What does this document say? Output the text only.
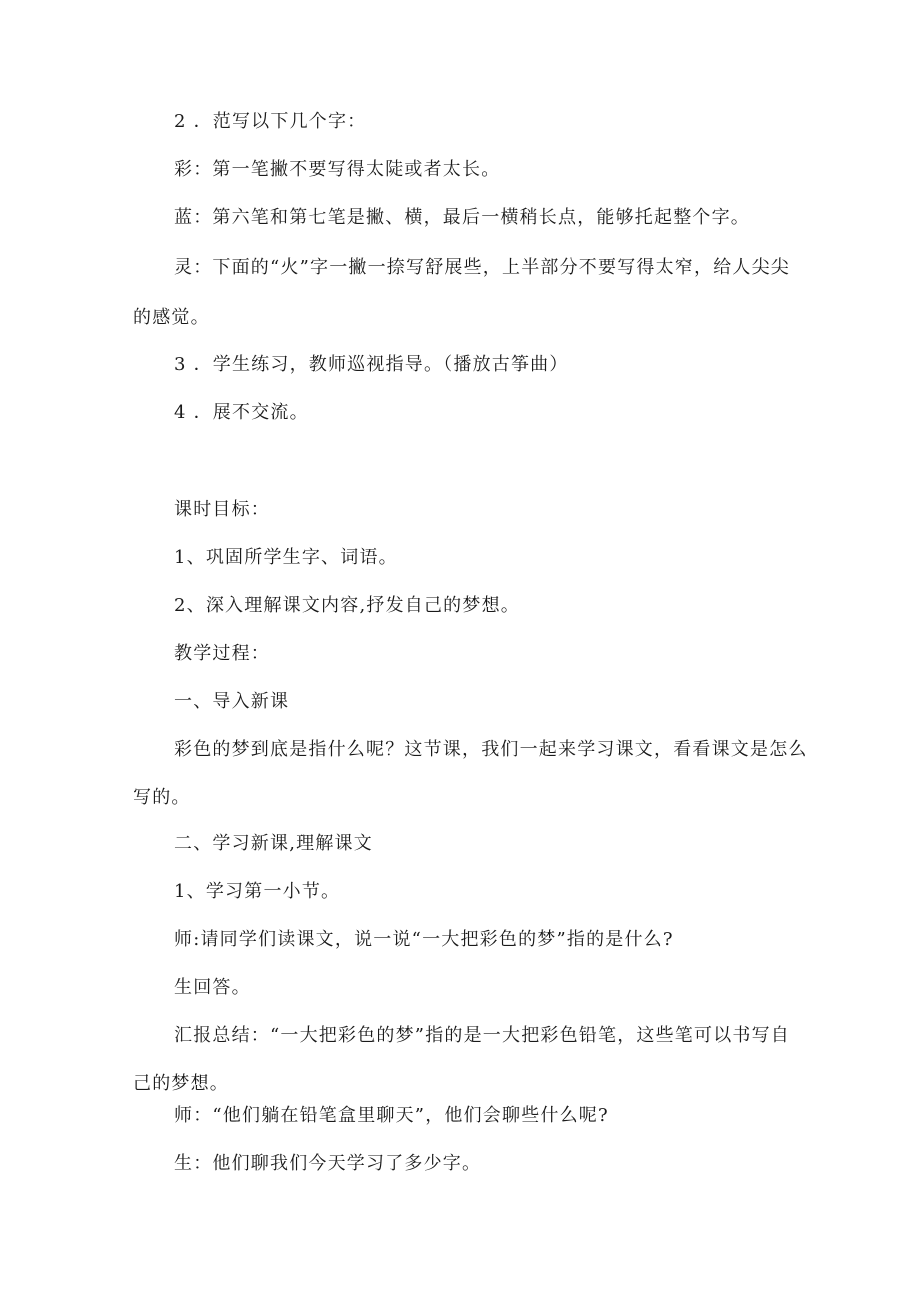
2 ．范写以下几个字：
彩：第一笔撇不要写得太陡或者太长。
蓝：第六笔和第七笔是撇、横，最后一横稍长点，能够托起整个字。
灵：下面的“火”字一撇一捺写舒展些，上半部分不要写得太窄，给人尖尖
的感觉。
3 ．学生练习，教师巡视指导。（播放古筝曲）
4 ．展不交流。
课时目标：
1、巩固所学生字、词语。
2、深入理解课文内容,抒发自己的梦想。
教学过程：
一、导入新课
彩色的梦到底是指什么呢？这节课，我们一起来学习课文，看看课文是怎么
写的。
二、学习新课,理解课文
1、学习第一小节。
师:请同学们读课文，说一说“一大把彩色的梦”指的是什么?
生回答。
汇报总结：“一大把彩色的梦”指的是一大把彩色铅笔，这些笔可以书写自
己的梦想。
师：“他们躺在铅笔盒里聊天”，他们会聊些什么呢?
生：他们聊我们今天学习了多少字。
